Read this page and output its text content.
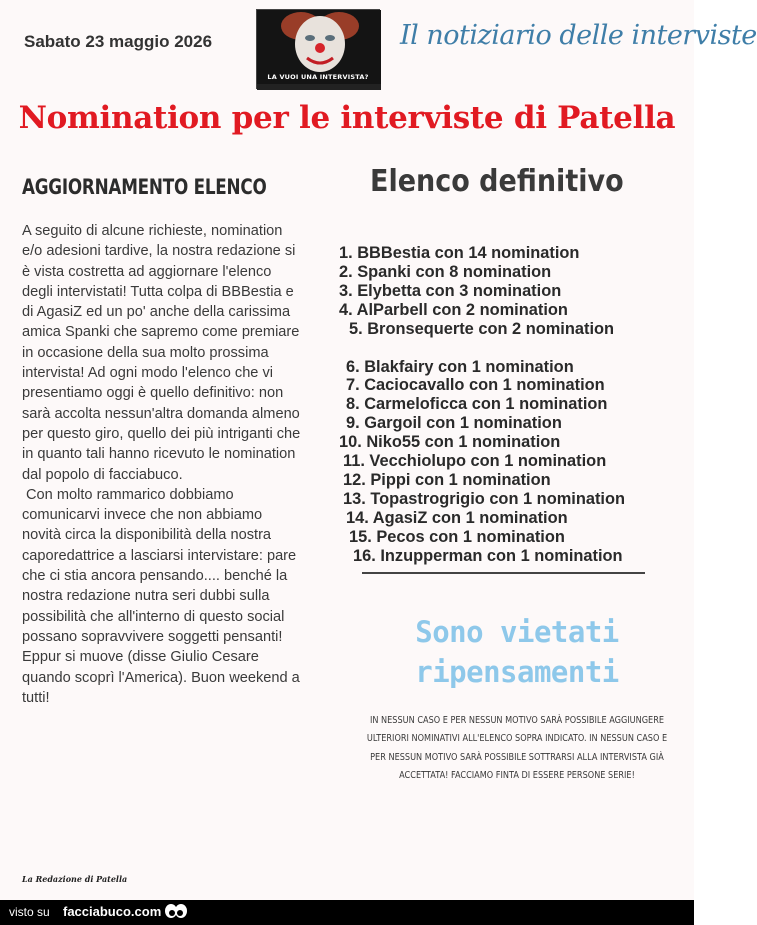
Sabato 23 maggio 2026
LA VUOI UNA INTERVISTA?
Il notiziario delle interviste
Nomination per le interviste di Patella
AGGIORNAMENTO ELENCO

A seguito di alcune richieste, nomination e/o adesioni tardive, la nostra redazione si è vista costretta ad aggiornare l'elenco degli intervistati! Tutta colpa di BBBestia e di AgasiZ ed un po' anche della carissima amica Spanki che sapremo come premiare in occasione della sua molto prossima intervista! Ad ogni modo l'elenco che vi presentiamo oggi è quello definitivo: non sarà accolta nessun'altra domanda almeno per questo giro, quello dei più intriganti che in quanto tali hanno ricevuto le nomination dal popolo di facciabuco.

Con molto rammarico dobbiamo comunicarvi invece che non abbiamo novità circa la disponibilità della nostra caporedattrice a lasciarsi intervistare: pare che ci stia ancora pensando.... benché la nostra redazione nutra seri dubbi sulla possibilità che all'interno di questo social possano sopravvivere soggetti pensanti! Eppur si muove (disse Giulio Cesare quando scoprì l'America). Buon weekend a tutti!

Elenco definitivo
1. BBBestia con 14 nomination
2. Spanki con 8 nomination
3. Elybetta con 3 nomination
4. AlParbell con 2 nomination
5. Bronsequerte con 2 nomination
6. Blakfairy con 1 nomination
7. Caciocavallo con 1 nomination
8. Carmeloficca con 1 nomination
9. Gargoil con 1 nomination
10. Niko55 con 1 nomination
11. Vecchiolupo con 1 nomination
12. Pippi con 1 nomination
13. Topastrogrigio con 1 nomination
14. AgasiZ con 1 nomination
15. Pecos con 1 nomination
16. Inzupperman con 1 nomination
Sono vietati ripensamenti
IN NESSUN CASO E PER NESSUN MOTIVO SARÀ POSSIBILE AGGIUNGERE ULTERIORI NOMINATIVI ALL'ELENCO SOPRA INDICATO. IN NESSUN CASO E PER NESSUN MOTIVO SARÀ POSSIBILE SOTTRARSI ALLA INTERVISTA GIÀ ACCETTATA! FACCIAMO FINTA DI ESSERE PERSONE SERIE!
La Redazione di Patella
visto su facciabuco.com
